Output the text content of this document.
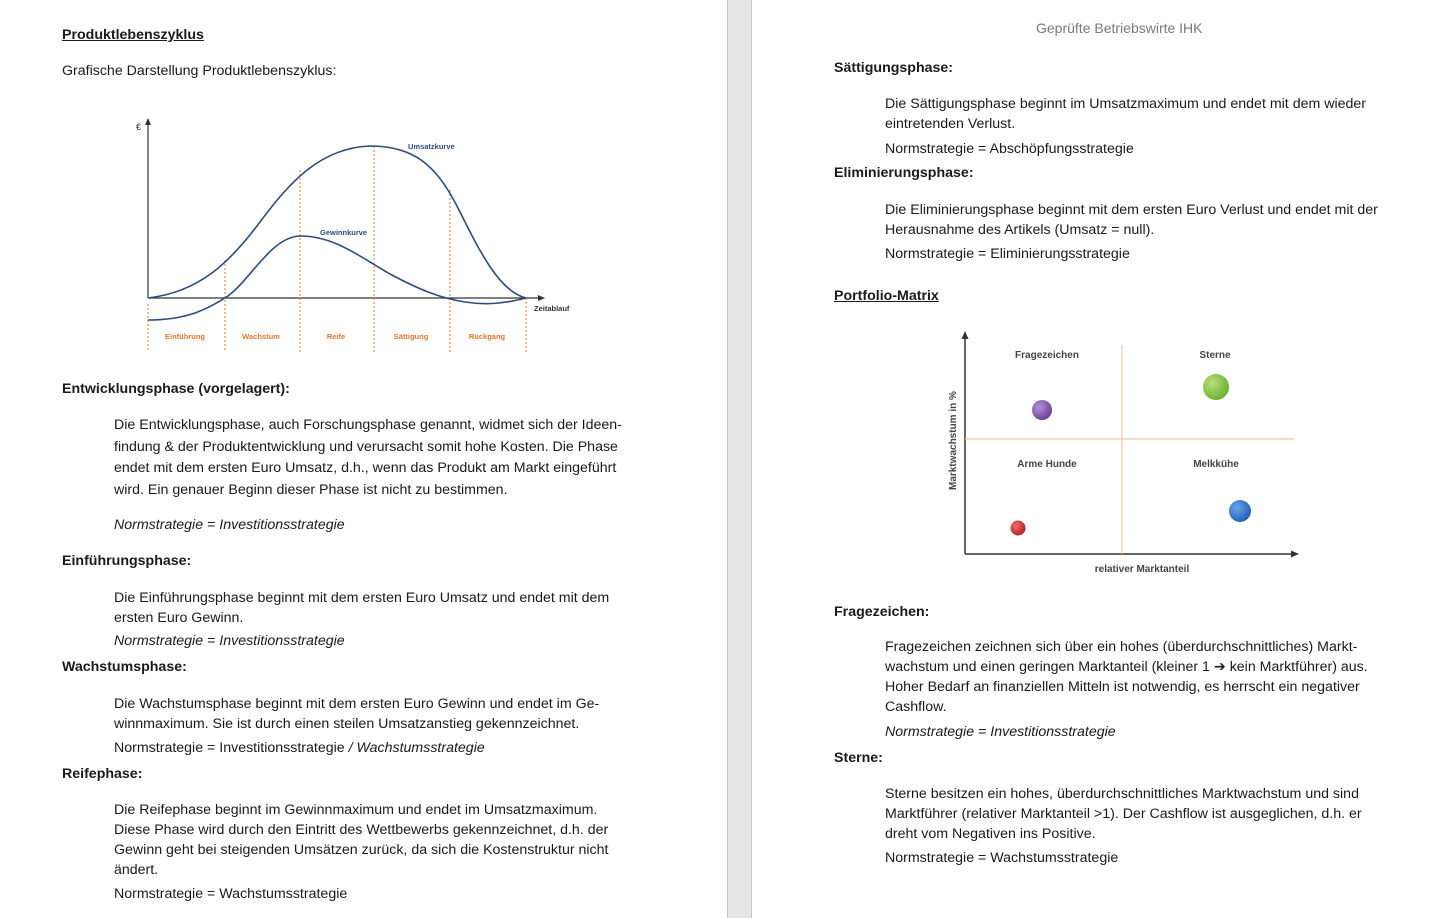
Produktlebenszyklus
Grafische Darstellung Produktlebenszyklus:
€
Zeitablauf
Umsatzkurve
Gewinnkurve
Einführung	Wachstum	Reife	Sättigung	Rückgang
Entwicklungsphase (vorgelagert):
Die Entwicklungsphase, auch Forschungsphase genannt, widmet sich der Ideen-
findung & der Produktentwicklung und verursacht somit hohe Kosten. Die Phase
endet mit dem ersten Euro Umsatz, d.h., wenn das Produkt am Markt eingeführt
wird. Ein genauer Beginn dieser Phase ist nicht zu bestimmen.
Normstrategie = Investitionsstrategie
Einführungsphase:
Die Einführungsphase beginnt mit dem ersten Euro Umsatz und endet mit dem
ersten Euro Gewinn.
Normstrategie = Investitionsstrategie
Wachstumsphase:
Die Wachstumsphase beginnt mit dem ersten Euro Gewinn und endet im Ge-
winnmaximum. Sie ist durch einen steilen Umsatzanstieg gekennzeichnet.
Normstrategie = Investitionsstrategie / Wachstumsstrategie
Reifephase:
Die Reifephase beginnt im Gewinnmaximum und endet im Umsatzmaximum.
Diese Phase wird durch den Eintritt des Wettbewerbs gekennzeichnet, d.h. der
Gewinn geht bei steigenden Umsätzen zurück, da sich die Kostenstruktur nicht
ändert.
Normstrategie = Wachstumsstrategie
Geprüfte Betriebswirte IHK
Sättigungsphase:
Die Sättigungsphase beginnt im Umsatzmaximum und endet mit dem wieder
eintretenden Verlust.
Normstrategie = Abschöpfungsstrategie
Eliminierungsphase:
Die Eliminierungsphase beginnt mit dem ersten Euro Verlust und endet mit der
Herausnahme des Artikels (Umsatz = null).
Normstrategie = Eliminierungsstrategie
Portfolio-Matrix
Fragezeichen	Sterne
Arme Hunde	Melkkühe
Marktwachstum in %
relativer Marktanteil
Fragezeichen:
Fragezeichen zeichnen sich über ein hohes (überdurchschnittliches) Markt-
wachstum und einen geringen Marktanteil (kleiner 1 ➔ kein Marktführer) aus.
Hoher Bedarf an finanziellen Mitteln ist notwendig, es herrscht ein negativer
Cashflow.
Normstrategie = Investitionsstrategie
Sterne:
Sterne besitzen ein hohes, überdurchschnittliches Marktwachstum und sind
Marktführer (relativer Marktanteil >1). Der Cashflow ist ausgeglichen, d.h. er
dreht vom Negativen ins Positive.
Normstrategie = Wachstumsstrategie
